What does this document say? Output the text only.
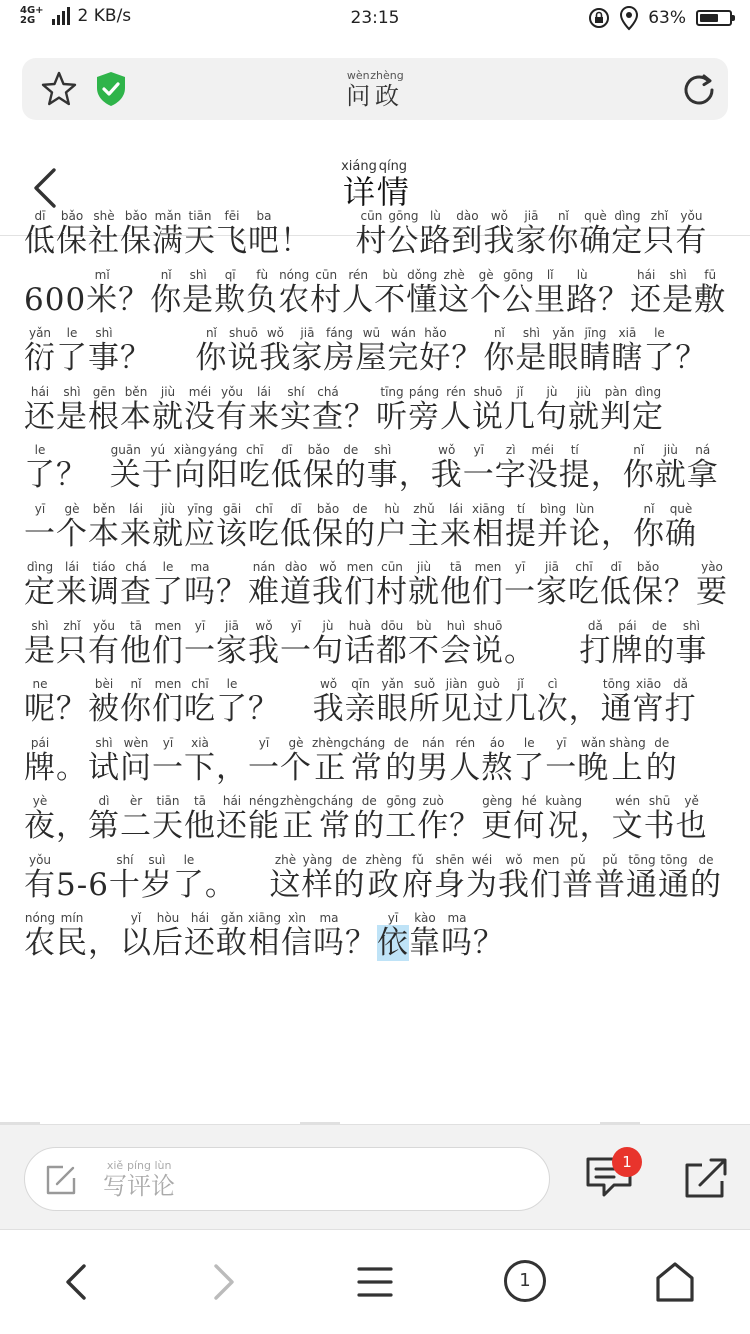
4G+
2G	2 KB/s	23:15	63%
问wèn政zhèng
详xiáng情qíng

低dī保bǎo社shè保bǎo满mǎn天tiān飞fēi吧ba！    村cūn公gōng路lù到dào我wǒ家jiā你nǐ确què定dìng只zhǐ有yǒu600米mǐ？你nǐ是shì欺qī负fù农nóng村cūn人rén不bù懂dǒng这zhè个gè公gōng里lǐ路lù？还hái是shì敷fū衍yǎn了le事shì？    你nǐ说shuō我wǒ家jiā房fáng屋wū完wán好hǎo？你nǐ是shì眼yǎn睛jīng瞎xiā了le？还hái是shì根gēn本běn就jiù没méi有yǒu来lái实shí查chá？听tīng旁páng人rén说shuō几jǐ句jù就jiù判pàn定dìng了le？  关guān于yú向xiàng阳yáng吃chī低dī保bǎo的de事shì，我wǒ一yī字zì没méi提tí，你nǐ就jiù拿ná一yī个gè本běn来lái就jiù应yīng该gāi吃chī低dī保bǎo的de户hù主zhǔ来lái相xiāng提tí并bìng论lùn，你nǐ确què定dìng来lái调tiáo查chá了le吗ma？难nán道dào我wǒ们men村cūn就jiù他tā们men一yī家jiā吃chī低dī保bǎo？要yào是shì只zhǐ有yǒu他tā们men一yī家jiā我wǒ一yī句jù话huà都dōu不bù会huì说shuō。    打dǎ牌pái的de事shì呢ne？被bèi你nǐ们men吃chī了le？   我wǒ亲qīn眼yǎn所suǒ见jiàn过guò几jǐ次cì，通tōng宵xiāo打dǎ牌pái。试shì问wèn一yī下xià，一yī个gè正zhèng常cháng的de男nán人rén熬áo了le一yī晚wǎn上shàng的de夜yè，第dì二èr天tiān他tā还hái能néng正zhèng常cháng的de工gōng作zuò？更gèng何hé况kuàng，文wén书shū也yě有yǒu5-6十shí岁suì了le。   这zhè样yàng的de政zhèng府fǔ身shēn为wéi我wǒ们men普pǔ普pǔ通tōng通tōng的de农nóng民mín，以yǐ后hòu还hái敢gǎn相xiāng信xìn吗ma？依yī靠kào吗ma？

写xiě评píng论lùn	1
1
